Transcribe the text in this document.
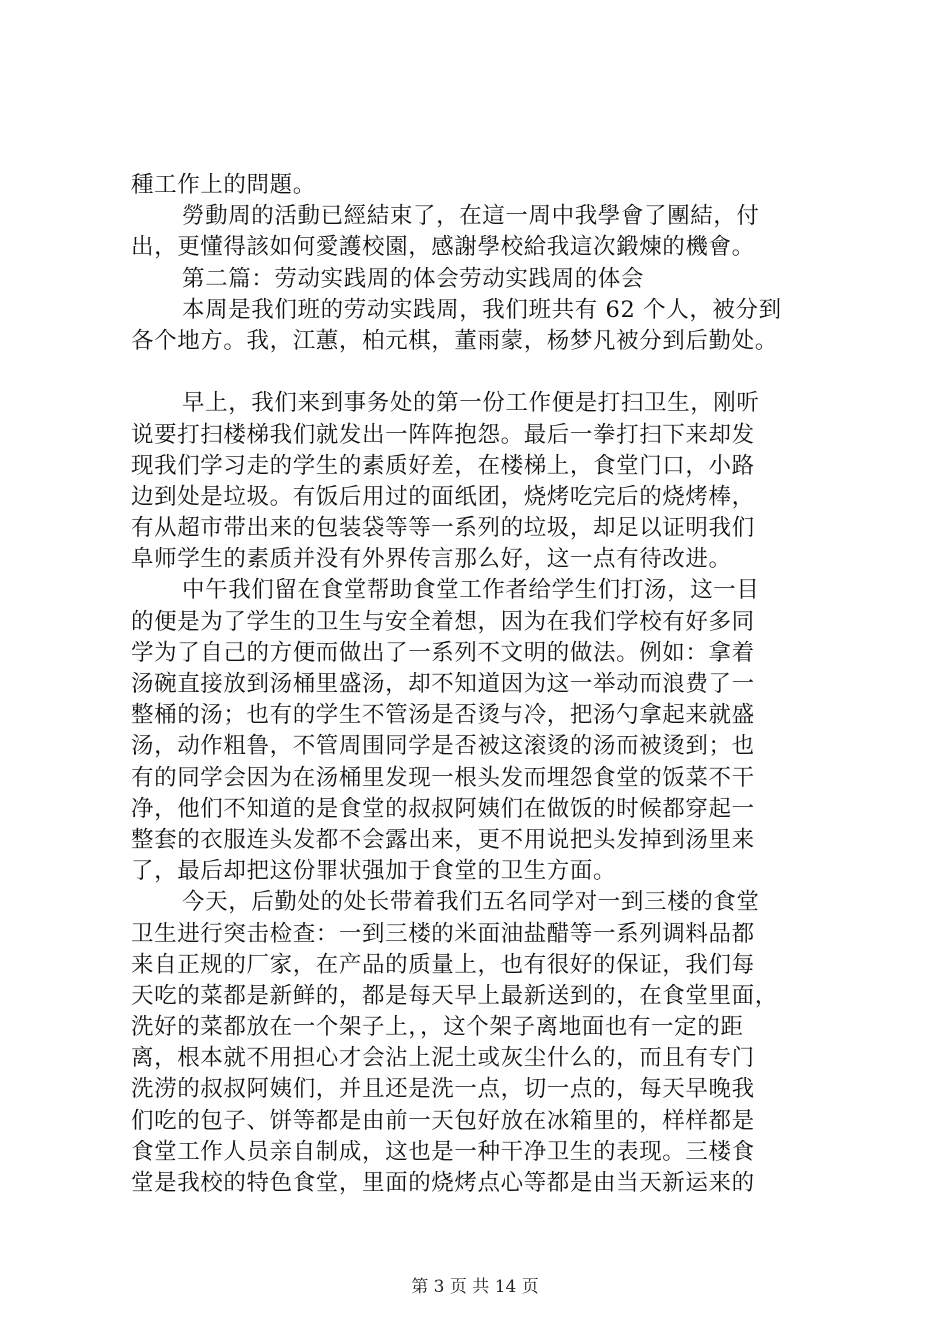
種工作上的問題。
勞動周的活動已經結束了，在這一周中我學會了團結，付
出，更懂得該如何愛護校園，感謝學校給我這次鍛煉的機會。
第二篇：劳动实践周的体会劳动实践周的体会
本周是我们班的劳动实践周，我们班共有 62 个人，被分到
各个地方。我，江蕙，柏元棋，董雨蒙，杨梦凡被分到后勤处。
早上，我们来到事务处的第一份工作便是打扫卫生，刚听
说要打扫楼梯我们就发出一阵阵抱怨。最后一拳打扫下来却发
现我们学习走的学生的素质好差，在楼梯上，食堂门口，小路
边到处是垃圾。有饭后用过的面纸团，烧烤吃完后的烧烤棒，
有从超市带出来的包装袋等等一系列的垃圾，却足以证明我们
阜师学生的素质并没有外界传言那么好，这一点有待改进。
中午我们留在食堂帮助食堂工作者给学生们打汤，这一目
的便是为了学生的卫生与安全着想，因为在我们学校有好多同
学为了自己的方便而做出了一系列不文明的做法。例如：拿着
汤碗直接放到汤桶里盛汤，却不知道因为这一举动而浪费了一
整桶的汤；也有的学生不管汤是否烫与冷，把汤勺拿起来就盛
汤，动作粗鲁，不管周围同学是否被这滚烫的汤而被烫到；也
有的同学会因为在汤桶里发现一根头发而埋怨食堂的饭菜不干
净，他们不知道的是食堂的叔叔阿姨们在做饭的时候都穿起一
整套的衣服连头发都不会露出来，更不用说把头发掉到汤里来
了，最后却把这份罪状强加于食堂的卫生方面。
今天，后勤处的处长带着我们五名同学对一到三楼的食堂
卫生进行突击检查：一到三楼的米面油盐醋等一系列调料品都
来自正规的厂家，在产品的质量上，也有很好的保证，我们每
天吃的菜都是新鲜的，都是每天早上最新送到的，在食堂里面，
洗好的菜都放在一个架子上，，这个架子离地面也有一定的距
离，根本就不用担心才会沾上泥土或灰尘什么的，而且有专门
洗涝的叔叔阿姨们，并且还是洗一点，切一点的，每天早晚我
们吃的包子、饼等都是由前一天包好放在冰箱里的，样样都是
食堂工作人员亲自制成，这也是一种干净卫生的表现。三楼食
堂是我校的特色食堂，里面的烧烤点心等都是由当天新运来的
第 3 页 共 14 页
